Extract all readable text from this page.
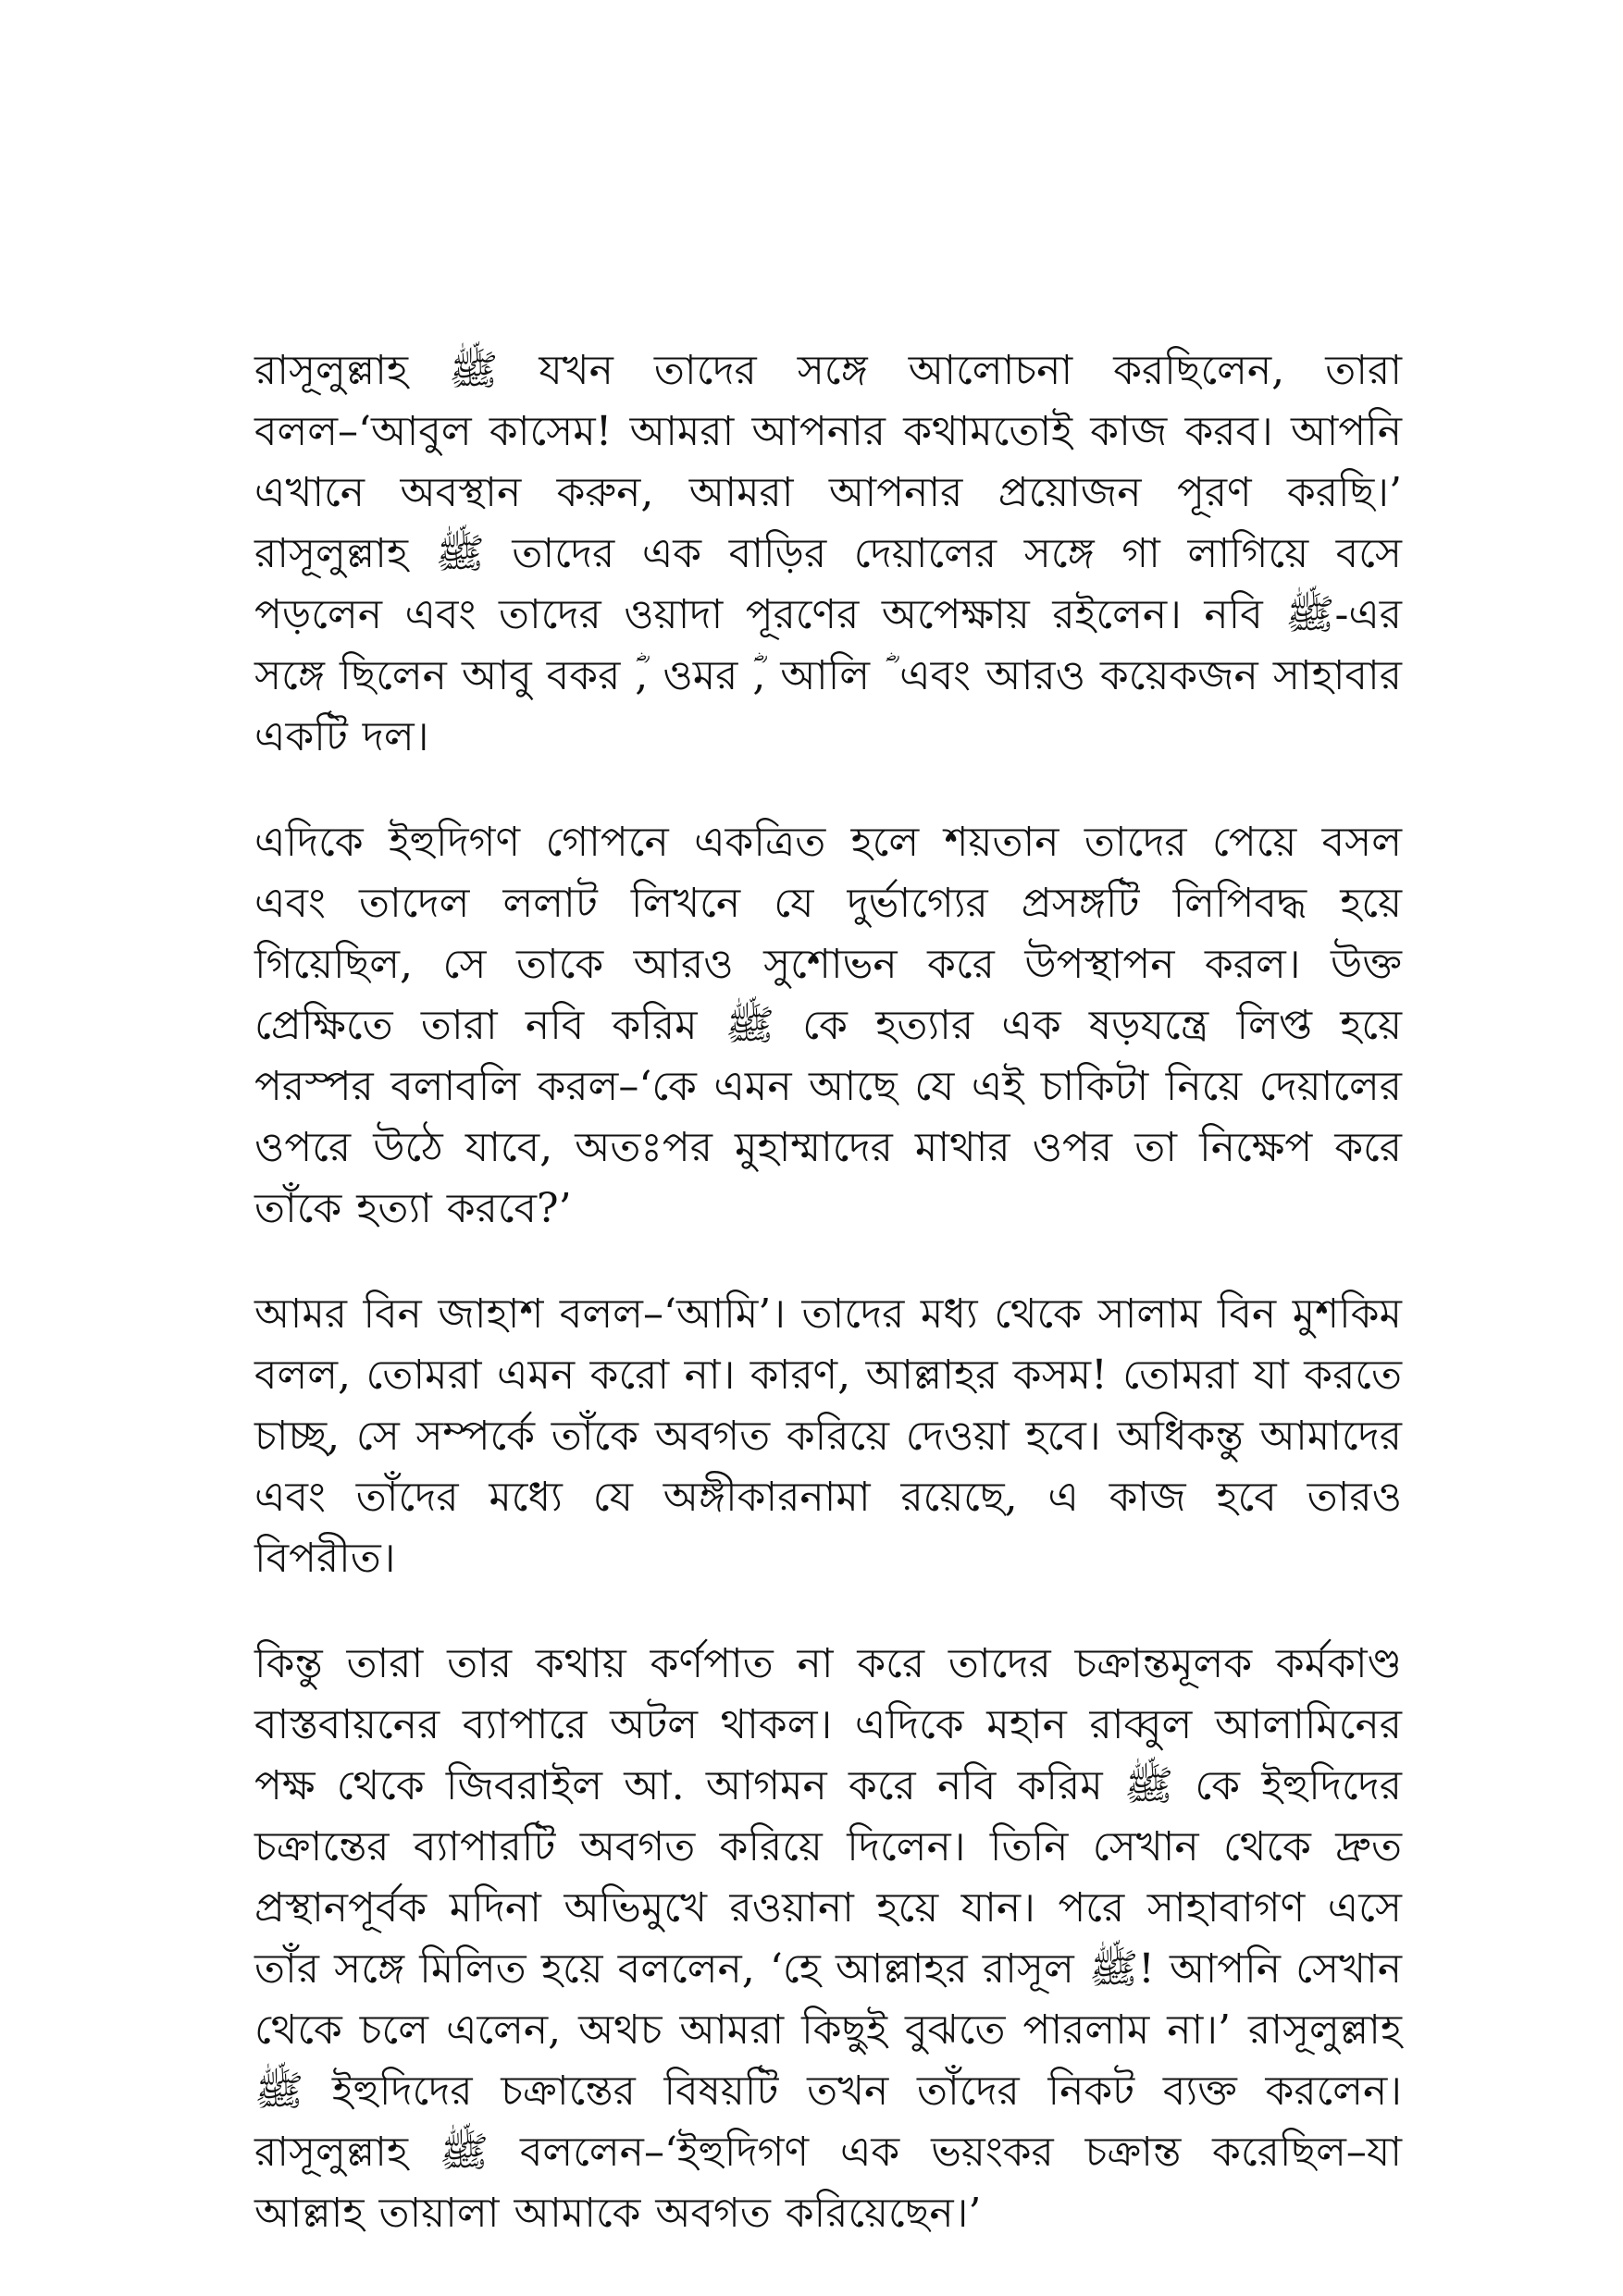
রাসূলুল্লাহ ﷺ যখন তাদের সঙ্গে আলোচনা করছিলেন, তারা বলল–‘আবুল কাসেম! আমরা আপনার কথামতোই কাজ করব। আপনি এখানে অবস্থান করুন, আমরা আপনার প্রয়োজন পূরণ করছি।’ রাসূলুল্লাহ ﷺ তাদের এক বাড়ির দেয়ালের সঙ্গে গা লাগিয়ে বসে পড়লেন এবং তাদের ওয়াদা পূরণের অপেক্ষায় রইলেন। নবি ﷺ-এর সঙ্গে ছিলেন আবু বকর ؓ, ওমর ؓ, আলি ؓ এবং আরও কয়েকজন সাহাবার একটি দল।

এদিকে ইহুদিগণ গোপনে একত্রিত হলে শয়তান তাদের পেয়ে বসল এবং তাদেল ললাট লিখনে যে দুর্ভাগ্যের প্রসঙ্গটি লিপিবদ্ধ হয়ে গিয়েছিল, সে তাকে আরও সুশোভন করে উপস্থাপন করল। উক্ত প্রেক্ষিতে তারা নবি করিম ﷺ কে হত্যার এক ষড়যন্ত্রে লিপ্ত হয়ে পরস্পর বলাবলি করল–‘কে এমন আছে যে এই চাকিটা নিয়ে দেয়ালের ওপরে উঠে যাবে, অতঃপর মুহাম্মাদের মাথার ওপর তা নিক্ষেপ করে তাঁকে হত্যা করবে?’

আমর বিন জাহাশ বলল–‘আমি’। তাদের মধ্য থেকে সালাম বিন মুশকিম বলল, তোমরা এমন করো না। কারণ, আল্লাহর কসম! তোমরা যা করতে চাচ্ছ, সে সম্পর্কে তাঁকে অবগত করিয়ে দেওয়া হবে। অধিকন্তু আমাদের এবং তাঁদের মধ্যে যে অঙ্গীকারনামা রয়েছে, এ কাজ হবে তারও বিপরীত।

কিন্তু তারা তার কথায় কর্ণপাত না করে তাদের চক্রান্তমূলক কর্মকাণ্ড বাস্তবায়নের ব্যাপারে অটল থাকল। এদিকে মহান রাব্বুল আলামিনের পক্ষ থেকে জিবরাইল আ. আগমন করে নবি করিম ﷺ কে ইহুদিদের চক্রান্তের ব্যাপারটি অবগত করিয়ে দিলেন। তিনি সেখান থেকে দ্রুত প্রস্থানপূর্বক মদিনা অভিমুখে রওয়ানা হয়ে যান। পরে সাহাবাগণ এসে তাঁর সঙ্গে মিলিত হয়ে বললেন, ‘হে আল্লাহর রাসূল ﷺ! আপনি সেখান থেকে চলে এলেন, অথচ আমরা কিছুই বুঝতে পারলাম না।’ রাসূলুল্লাহ ﷺ ইহুদিদের চক্রান্তের বিষয়টি তখন তাঁদের নিকট ব্যক্ত করলেন। রাসূলুল্লাহ ﷺ বললেন–‘ইহুদিগণ এক ভয়ংকর চক্রান্ত করেছিল–যা আল্লাহ তায়ালা আমাকে অবগত করিয়েছেন।’
